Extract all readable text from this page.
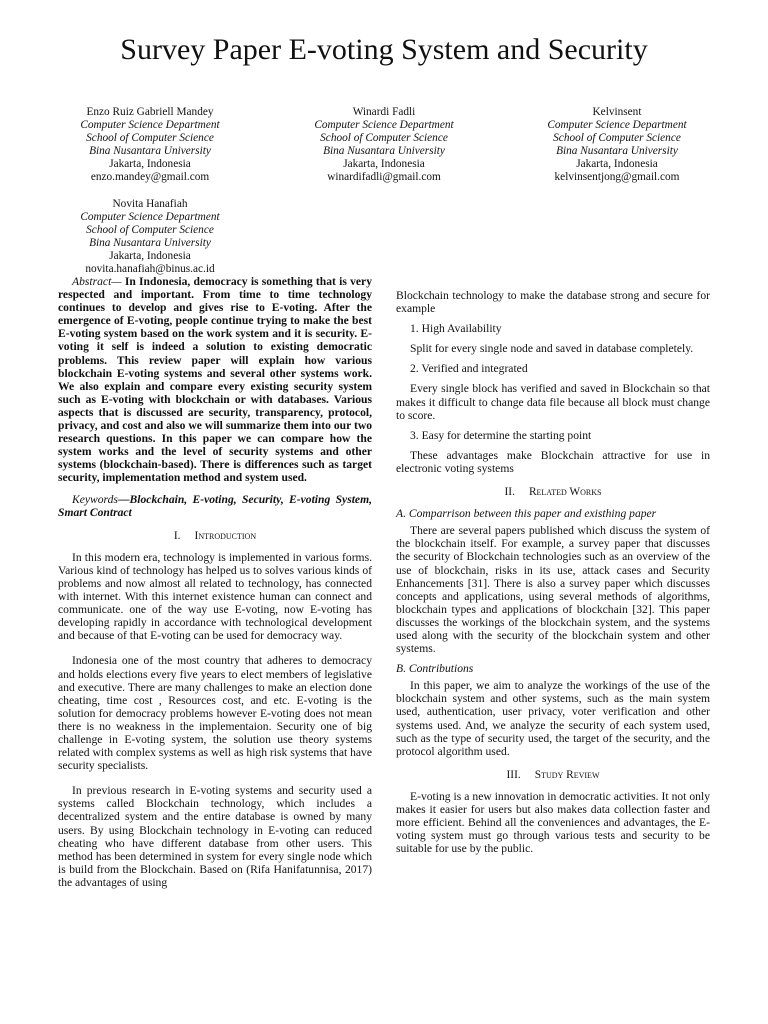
Survey Paper E-voting System and Security
Enzo Ruiz Gabriell Mandey
Computer Science Department
School of Computer Science
Bina Nusantara University
Jakarta, Indonesia
enzo.mandey@gmail.com
Winardi Fadli
Computer Science Department
School of Computer Science
Bina Nusantara University
Jakarta, Indonesia
winardifadli@gmail.com
Kelvinsent
Computer Science Department
School of Computer Science
Bina Nusantara University
Jakarta, Indonesia
kelvinsentjong@gmail.com
Novita Hanafiah
Computer Science Department
School of Computer Science
Bina Nusantara University
Jakarta, Indonesia
novita.hanafiah@binus.ac.id

Abstract— In Indonesia, democracy is something that is very respected and important. From time to time technology continues to develop and gives rise to E-voting. After the emergence of E-voting, people continue trying to make the best E-voting system based on the work system and it is security. E-voting it self is indeed a solution to existing democratic problems. This review paper will explain how various blockchain E-voting systems and several other systems work. We also explain and compare every existing security system such as E-voting with blockchain or with databases. Various aspects that is discussed are security, transparency, protocol, privacy, and cost and also we will summarize them into our two research questions. In this paper we can compare how the system works and the level of security systems and other systems (blockchain-based). There is differences such as target security, implementation method and system used.

Keywords—Blockchain, E-voting, Security, E-voting System, Smart Contract

I. Introduction

In this modern era, technology is implemented in various forms. Various kind of technology has helped us to solves various kinds of problems and now almost all related to technology, has connected with internet. With this internet existence human can connect and communicate. one of the way use E-voting, now E-voting has developing rapidly in accordance with technological development and because of that E-voting can be used for democracy way.

Indonesia one of the most country that adheres to democracy and holds elections every five years to elect members of legislative and executive. There are many challenges to make an election done cheating, time cost , Resources cost, and etc. E-voting is the solution for democracy problems however E-voting does not mean there is no weakness in the implementaion. Security one of big challenge in E-voting system, the solution use theory systems related with complex systems as well as high risk systems that have security specialists.

In previous research in E-voting systems and security used a systems called Blockchain technology, which includes a decentralized system and the entire database is owned by many users. By using Blockchain technology in E-voting can reduced cheating who have different database from other users. This method has been determined in system for every single node which is build from the Blockchain. Based on (Rifa Hanifatunnisa, 2017) the advantages of using

Blockchain technology to make the database strong and secure for example

1. High Availability

Split for every single node and saved in database completely.

2. Verified and integrated

Every single block has verified and saved in Blockchain so that makes it difficult to change data file because all block must change to score.

3. Easy for determine the starting point

These advantages make Blockchain attractive for use in electronic voting systems

II. Related Works
A. Comparrison between this paper and existhing paper

There are several papers published which discuss the system of the blockchain itself. For example, a survey paper that discusses the security of Blockchain technologies such as an overview of the use of blockchain, risks in its use, attack cases and Security Enhancements [31]. There is also a survey paper which discusses concepts and applications, using several methods of algorithms, blockchain types and applications of blockchain [32]. This paper discusses the workings of the blockchain system, and the systems used along with the security of the blockchain system and other systems.

B. Contributions

In this paper, we aim to analyze the workings of the use of the blockchain system and other systems, such as the main system used, authentication, user privacy, voter verification and other systems used. And, we analyze the security of each system used, such as the type of security used, the target of the security, and the protocol algorithm used.

III. Study Review

E-voting is a new innovation in democratic activities. It not only makes it easier for users but also makes data collection faster and more efficient. Behind all the conveniences and advantages, the E-voting system must go through various tests and security to be suitable for use by the public.
